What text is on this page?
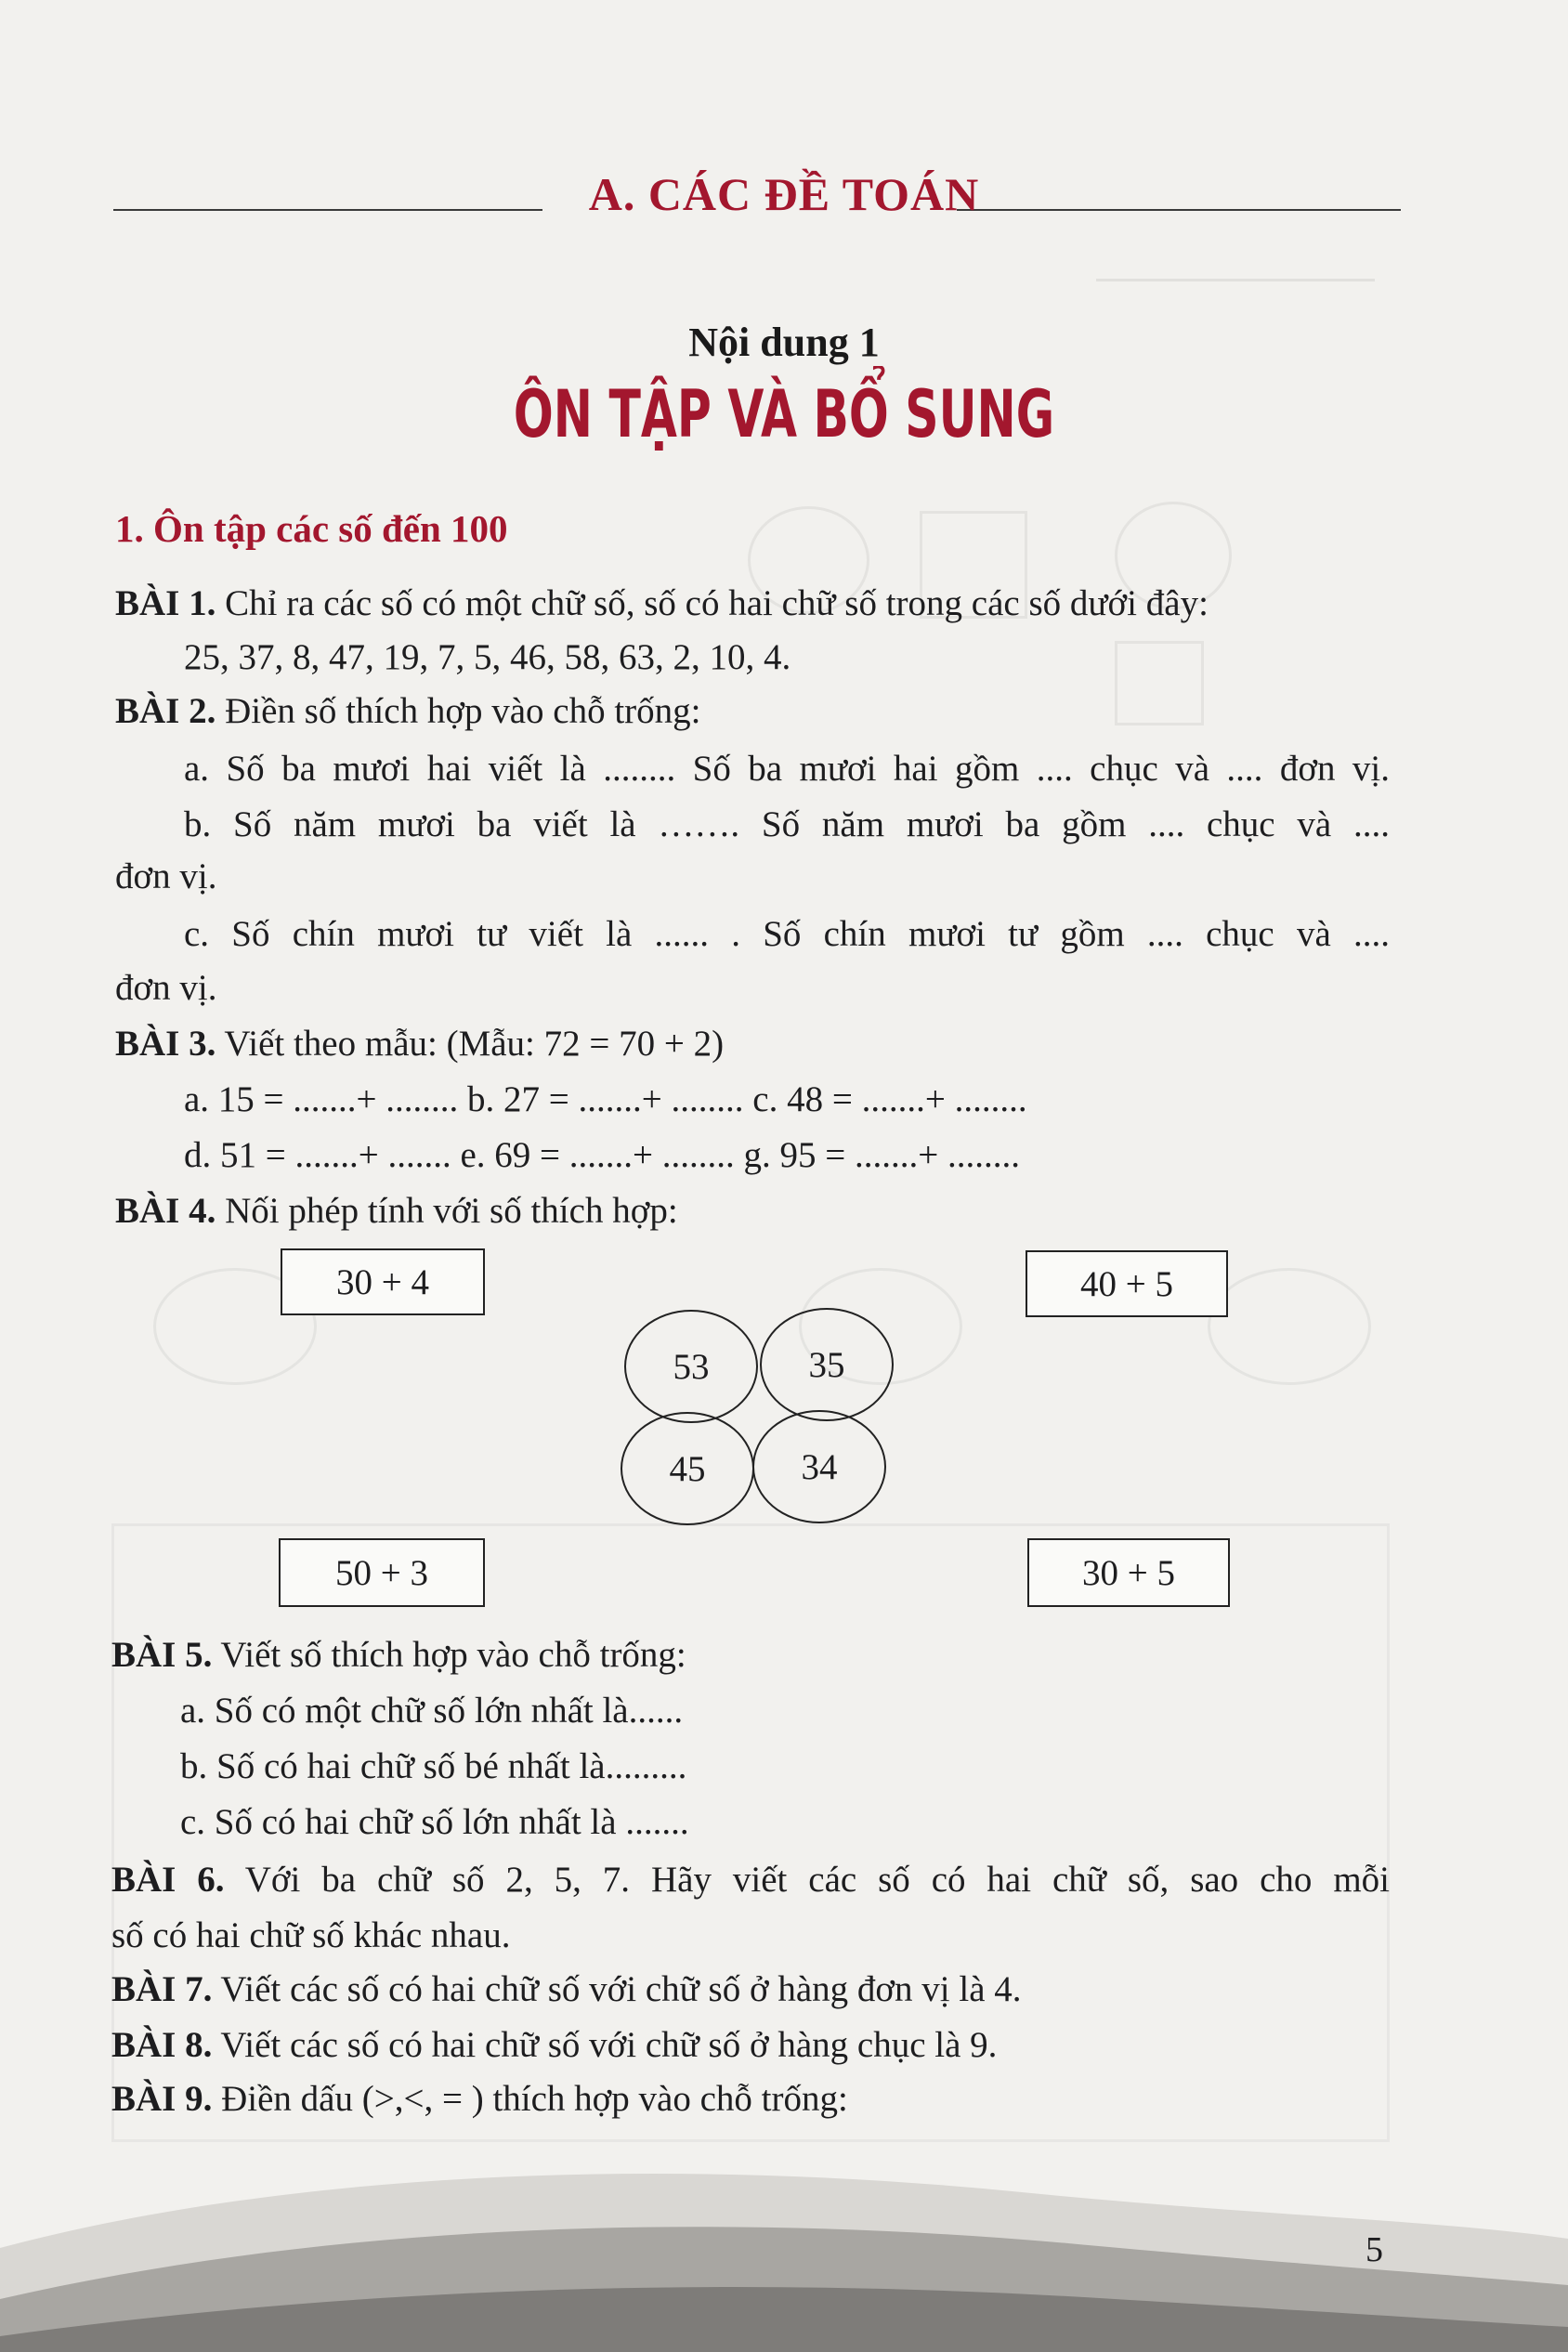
A. CÁC ĐỀ TOÁN
Nội dung 1
ÔN TẬP VÀ BỔ SUNG
1. Ôn tập các số đến 100
BÀI 1. Chỉ ra các số có một chữ số, số có hai chữ số trong các số dưới đây:
25, 37, 8, 47, 19, 7, 5, 46, 58, 63, 2, 10, 4.
BÀI 2. Điền số thích hợp vào chỗ trống:
a. Số ba mươi hai viết là ........ Số ba mươi hai gồm .... chục và .... đơn vị.
b. Số năm mươi ba viết là ……. Số năm mươi ba gồm .... chục và ....
đơn vị.
c. Số chín mươi tư viết là ...... . Số chín mươi tư gồm .... chục và ....
đơn vị.
BÀI 3. Viết theo mẫu: (Mẫu: 72 = 70 + 2)
a. 15 = .......+ ........ b. 27 = .......+ ........ c. 48 = .......+ ........
d. 51 = .......+ ....... e. 69 = .......+ ........ g. 95 = .......+ ........
BÀI 4. Nối phép tính với số thích hợp:
30 + 4	40 + 5
53	35
45	34
50 + 3	30 + 5
BÀI 5. Viết số thích hợp vào chỗ trống:
a. Số có một chữ số lớn nhất là......
b. Số có hai chữ số bé nhất là.........
c. Số có hai chữ số lớn nhất là .......
BÀI 6. Với ba chữ số 2, 5, 7. Hãy viết các số có hai chữ số, sao cho mỗi
số có hai chữ số khác nhau.
BÀI 7. Viết các số có hai chữ số với chữ số ở hàng đơn vị là 4.
BÀI 8. Viết các số có hai chữ số với chữ số ở hàng chục là 9.
BÀI 9. Điền dấu (>,<, = ) thích hợp vào chỗ trống:
5
